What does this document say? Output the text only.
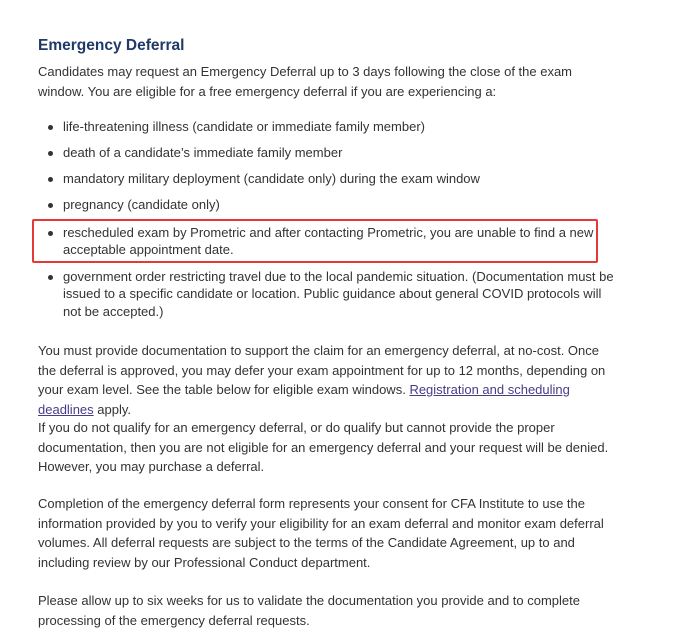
Emergency Deferral

Candidates may request an Emergency Deferral up to 3 days following the close of the exam window. You are eligible for a free emergency deferral if you are experiencing a:

life-threatening illness (candidate or immediate family member)
death of a candidate’s immediate family member
mandatory military deployment (candidate only) during the exam window
pregnancy (candidate only)
rescheduled exam by Prometric and after contacting Prometric, you are unable to find a new acceptable appointment date.
government order restricting travel due to the local pandemic situation. (Documentation must be issued to a specific candidate or location. Public guidance about general COVID protocols will not be accepted.)

You must provide documentation to support the claim for an emergency deferral, at no-cost. Once the deferral is approved, you may defer your exam appointment for up to 12 months, depending on your exam level. See the table below for eligible exam windows. Registration and scheduling deadlines apply.

If you do not qualify for an emergency deferral, or do qualify but cannot provide the proper documentation, then you are not eligible for an emergency deferral and your request will be denied. However, you may purchase a deferral.

Completion of the emergency deferral form represents your consent for CFA Institute to use the information provided by you to verify your eligibility for an exam deferral and monitor exam deferral volumes. All deferral requests are subject to the terms of the Candidate Agreement, up to and including review by our Professional Conduct department.

Please allow up to six weeks for us to validate the documentation you provide and to complete processing of the emergency deferral requests.
